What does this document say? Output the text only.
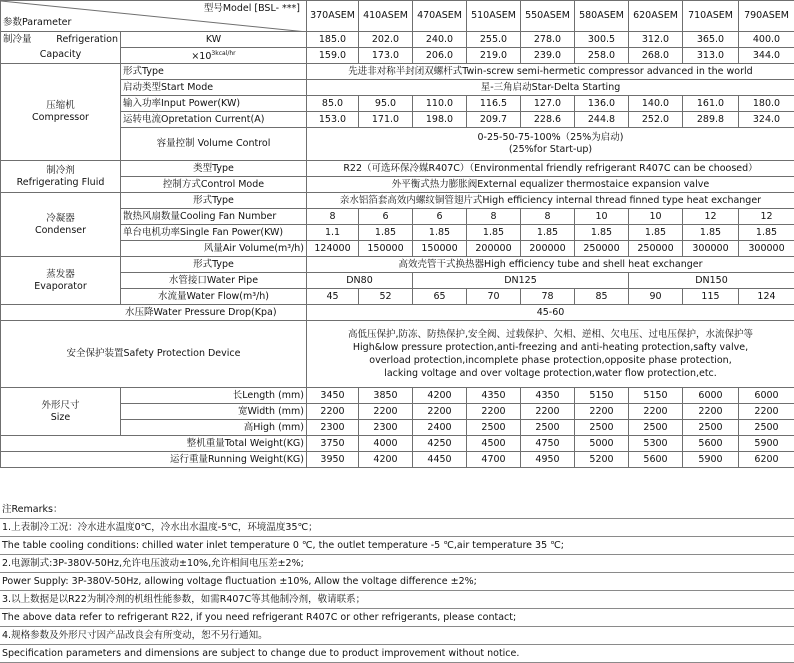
型号Model [BSL- ***]
参数Parameter		370ASEM	410ASEM	470ASEM	510ASEM	550ASEM	580ASEM	620ASEM	710ASEM	790ASEM
制冷量 Refrigeration	KW	185.0	202.0	240.0	255.0	278.0	300.5	312.0	365.0	400.0
Capacity	$\times 10^{3kcal/hr}$	159.0	173.0	206.0	219.0	239.0	258.0	268.0	313.0	344.0

压缩机
Compressor	形式Type	先进非对称半封闭双螺杆式Twin-screw semi-hermetic compressor advanced in the world								
	启动类型Start Mode	星-三角启动Star-Delta Starting								
	输入功率Input Power(KW)	85.0	95.0	110.0	116.5	127.0	136.0	140.0	161.0	180.0
	运转电流Opretation Current(A)	153.0	171.0	198.0	209.7	228.6	244.8	252.0	289.8	324.0
	容量控制 Volume Control	0-25-50-75-100%（25%为启动)
(25%for Start-up)								

制冷剂
Refrigerating Fluid	类型Type	R22（可选环保冷媒R407C）（Environmental friendly refrigerant R407C can be choosed）								
	控制方式Control Mode	外平衡式热力膨胀阀External equalizer thermostaice expansion valve								

冷凝器
Condenser	形式Type	亲水铝箔套高效内螺纹铜管翅片式High efficiency internal thread finned type heat exchanger								
	散热风扇数量Cooling Fan Number	8	6	6	8	8	10	10	12	12
	单台电机功率Single Fan Power(KW)	1.1	1.85	1.85	1.85	1.85	1.85	1.85	1.85	1.85
	风量Air Volume(m³/h)	124000	150000	150000	200000	200000	250000	250000	300000	300000

蒸发器
Evaporator	形式Type	高效壳管干式换热器High efficiency tube and shell heat exchanger								
	水管接口Water Pipe	DN80		DN125				DN150		
	水流量Water Flow(m³/h)	45	52	65	70	78	85	90	115	124
水压降Water Pressure Drop(Kpa)		45-60								
安全保护装置Safety Protection Device		高低压保护,防冻、防热保护,安全阀、过载保护、欠相、逆相、欠电压、过电压保护，水流保护等
High&low pressure protection,anti-freezing and anti-heating protection,safty valve,
overload protection,incomplete phase protection,opposite phase protection,
lacking voltage and over voltage protection,water flow protection,etc.								

外形尺寸
Size	长Length (mm)	3450	3850	4200	4350	4350	5150	5150	6000	6000
	宽Width (mm)	2200	2200	2200	2200	2200	2200	2200	2200	2200
	高High (mm)	2300	2300	2400	2500	2500	2500	2500	2500	2500
整机重量Total Weight(KG)		3750	4000	4250	4500	4750	5000	5300	5600	5900
运行重量Running Weight(KG)		3950	4200	4450	4700	4950	5200	5600	5900	6200
注Remarks：
1.上表制冷工况：冷水进水温度0℃，冷水出水温度-5℃，环境温度35℃；
The table cooling conditions: chilled water inlet temperature 0 ℃, the outlet temperature -5 ℃,air temperature 35 ℃;
2.电源制式:3P-380V-50Hz,允许电压波动±10%,允许相间电压差±2%;
Power Supply: 3P-380V-50Hz, allowing voltage fluctuation ±10%, Allow the voltage difference ±2%;
3.以上数据是以R22为制冷剂的机组性能参数，如需R407C等其他制冷剂，敬请联系；
The above data refer to refrigerant R22, if you need refrigerant R407C or other refrigerants, please contact;
4.规格参数及外形尺寸因产品改良会有所变动，恕不另行通知。
Specification parameters and dimensions are subject to change due to product improvement without notice.
